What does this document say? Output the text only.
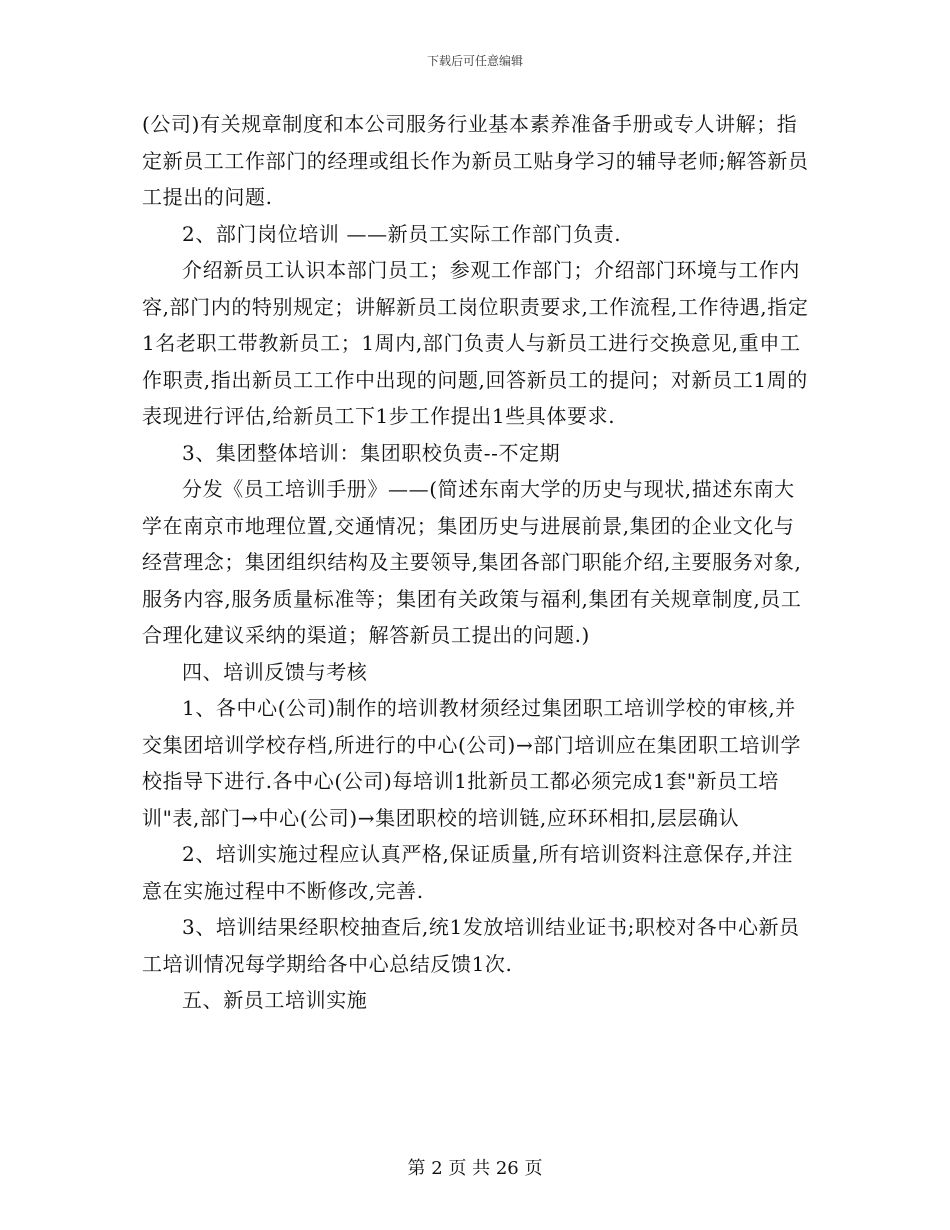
下载后可任意编辑

(公司)有关规章制度和本公司服务行业基本素养准备手册或专人讲解；指定新员工工作部门的经理或组长作为新员工贴身学习的辅导老师;解答新员工提出的问题.

2、部门岗位培训 ——新员工实际工作部门负责.

介绍新员工认识本部门员工；参观工作部门；介绍部门环境与工作内容,部门内的特别规定；讲解新员工岗位职责要求,工作流程,工作待遇,指定1名老职工带教新员工；1周内,部门负责人与新员工进行交换意见,重申工作职责,指出新员工工作中出现的问题,回答新员工的提问；对新员工1周的表现进行评估,给新员工下1步工作提出1些具体要求.

3、集团整体培训：集团职校负责--不定期

分发《员工培训手册》——(简述东南大学的历史与现状,描述东南大学在南京市地理位置,交通情况；集团历史与进展前景,集团的企业文化与经营理念；集团组织结构及主要领导,集团各部门职能介绍,主要服务对象,服务内容,服务质量标准等；集团有关政策与福利,集团有关规章制度,员工合理化建议采纳的渠道；解答新员工提出的问题.)

四、培训反馈与考核

1、各中心(公司)制作的培训教材须经过集团职工培训学校的审核,并交集团培训学校存档,所进行的中心(公司)→部门培训应在集团职工培训学校指导下进行.各中心(公司)每培训1批新员工都必须完成1套"新员工培训"表,部门→中心(公司)→集团职校的培训链,应环环相扣,层层确认

2、培训实施过程应认真严格,保证质量,所有培训资料注意保存,并注意在实施过程中不断修改,完善.

3、培训结果经职校抽查后,统1发放培训结业证书;职校对各中心新员工培训情况每学期给各中心总结反馈1次.

五、新员工培训实施

第 2 页 共 26 页
